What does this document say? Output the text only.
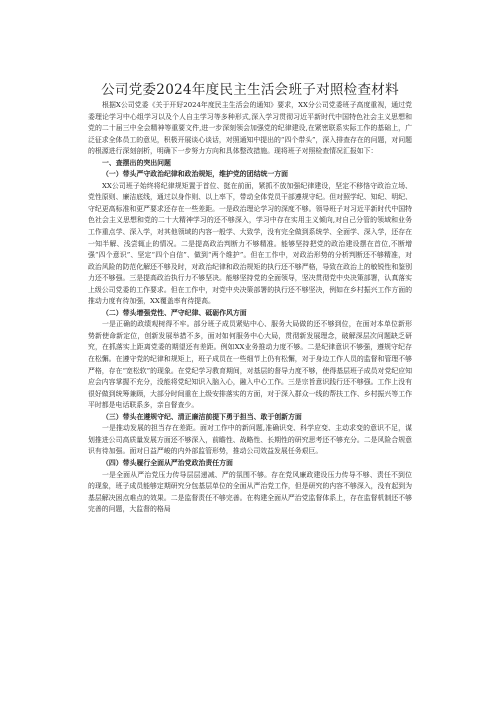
公司党委2024年度民主生活会班子对照检查材料

根据X公司党委《关于开好2024年度民主生活会的通知》要求，XX分公司党委班子高度重视，通过党委理论学习中心组学习以及个人自主学习等多种形式,深入学习贯彻习近平新时代中国特色社会主义思想和党的二十届三中全会精神等重要文件,进一步深刻领会加强党的纪律建设,在紧密联系实际工作的基础上，广泛征求全体员工的意见，积极开展谈心谈话，对照通知中提出的“四个带头”，深入排查存在的问题，对问题的根源进行深刻剖析，明确下一步努力方向和具体整改措施。现将班子对照检查情况汇报如下：

一、查摆出的突出问题

（一）带头严守政治纪律和政治规矩，维护党的团结统一方面

XX公司班子始终将纪律规矩置于首位、挺在前面，紧抓不放加强纪律建设，坚定不移恪守政治立场、党性原则、廉洁底线，通过以身作则、以上率下，带动全体党员干部遵规守纪。但对照学纪、知纪、明纪、守纪更高标准和更严要求还存在一些差距。一是政治理论学习的深度不够。领导班子对习近平新时代中国特色社会主义思想和党的二十大精神学习的还不够深入，学习中存在实用主义倾向,对自己分管的领域和业务工作重点学、深入学，对其他领域的内容一般学、大致学，没有完全做到系统学、全面学、深入学，还存在一知半解、浅尝辄止的情况。二是提高政治判断力不够精准。能够坚持把党的政治建设摆在首位,不断增强“四个意识”、坚定“四个自信”、做到“两个维护”。但在工作中，对政治形势的分析判断还不够精准，对政治风险的防范化解还不够及时，对政治纪律和政治规矩的执行还不够严格，导致在政治上的敏锐性和鉴别力还不够强。三是提高政治执行力不够坚决。能够坚持党的全面领导，坚决贯彻党中央决策部署，认真落实上级公司党委的工作要求。但在工作中，对党中央决策部署的执行还不够坚决，例如在乡村振兴工作方面的推动力度有待加强，XX覆盖率有待提高。

（二）带头增强党性、严守纪律、砥砺作风方面

一是正确的政绩观树得不牢。部分班子成员紧贴中心、服务大局做的还不够到位，在面对本单位新形势新使命新定位，创新发展举措不多，面对如何服务中心大局，贯彻新发展理念，破解深层次问题缺乏研究，在抓落实上距离党委的期望还有差距。例如XX业务推动力度不够。二是纪律意识不够强，遵规守纪存在松懈。在遵守党的纪律和规矩上，班子成员在一些细节上仍有松懈，对于身边工作人员的监督和管理不够严格，存在“宽松软”的现象。在党纪学习教育期间，对基层的督导力度不够，使得基层班子成员对党纪应知应会内容掌握不充分，没能将党纪知识入脑入心，融入中心工作。三是宗旨意识践行还不够强。工作上没有很好做到统筹兼顾，大部分时间重在上级安排落实的方面，对于深入群众一线的帮扶工作、乡村振兴等工作平时都是电话联系多，亲自督查少。

（三）带头在遵规守纪、清正廉洁前提下勇于担当、敢于创新方面

一是推动发展的担当存在差距。面对工作中的新问题,准确识变、科学应变、主动求变的意识不足，谋划推进公司高质量发展方面还不够深入，前瞻性、战略性、长期性的研究思考还不够充分。二是风险合规意识有待加强。面对日益严峻的内外部监管形势，推动公司效益发展任务艰巨。

（四）带头履行全面从严治党政治责任方面

一是全面从严治党压力传导层层递减、严的氛围不够。存在党风廉政建设压力传导不够、责任不到位的现象，班子成员能够定期研究分包基层单位的全面从严治党工作，但是研究的内容不够深入，没有起到为基层解决困点难点的效果。二是监督责任不够完善。在构建全面从严治党监督体系上，存在监督机制还不够完善的问题，大监督的格局
